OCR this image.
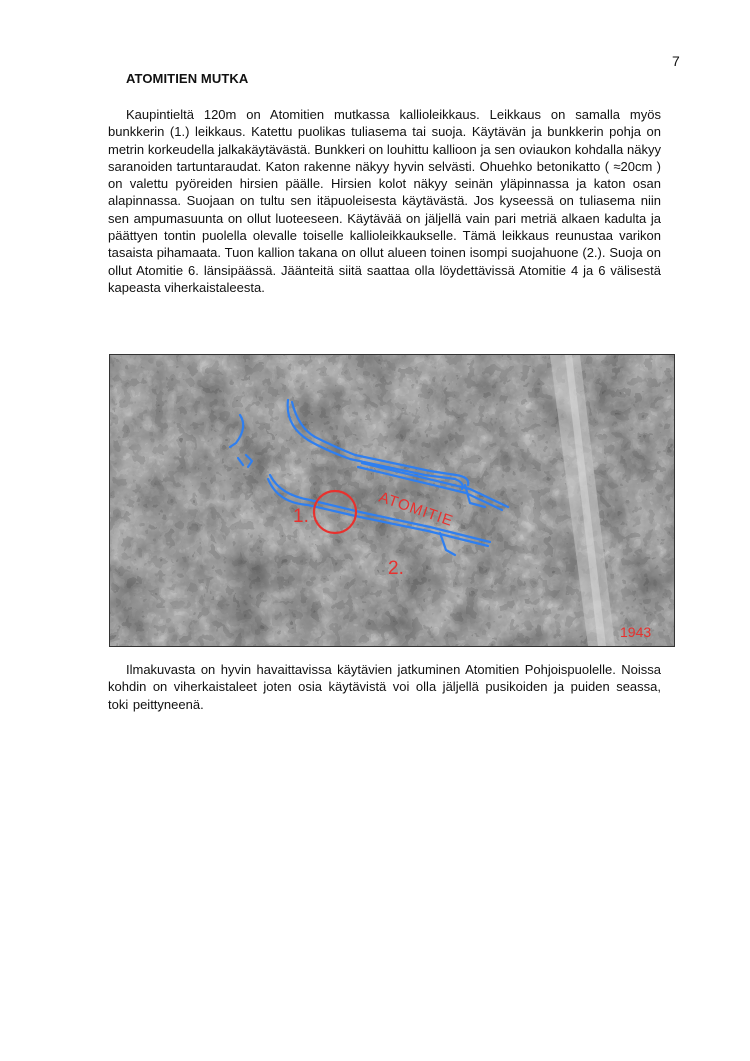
7
ATOMITIEN MUTKA

Kaupintieltä 120m on Atomitien mutkassa kallioleikkaus. Leikkaus on samalla myös bunkkerin (1.) leikkaus. Katettu puolikas tuliasema tai suoja. Käytävän ja bunkkerin pohja on metrin korkeudella jalkakäytävästä. Bunkkeri on louhittu kallioon ja sen oviaukon kohdalla näkyy saranoiden tartuntaraudat. Katon rakenne näkyy hyvin selvästi. Ohuehko betonikatto ( ≈20cm ) on valettu pyöreiden hirsien päälle. Hirsien kolot näkyy seinän yläpinnassa ja katon osan alapinnassa. Suojaan on tultu sen itäpuoleisesta käytävästä. Jos kyseessä on tuliasema niin sen ampumasuunta on ollut luoteeseen. Käytävää on jäljellä vain pari metriä alkaen kadulta ja päättyen tontin puolella olevalle toiselle kallioleikkaukselle. Tämä leikkaus reunustaa varikon tasaista pihamaata. Tuon kallion takana on ollut alueen toinen isompi suojahuone (2.). Suoja on ollut Atomitie 6. länsipäässä. Jäänteitä siitä saattaa olla löydettävissä Atomitie 4 ja 6 välisestä kapeasta viherkaistaleesta.

1.
2.
ATOMITIE
1943

Ilmakuvasta on hyvin havaittavissa käytävien jatkuminen Atomitien Pohjoispuolelle. Noissa kohdin on viherkaistaleet joten osia käytävistä voi olla jäljellä pusikoiden ja puiden seassa, toki peittyneenä.
